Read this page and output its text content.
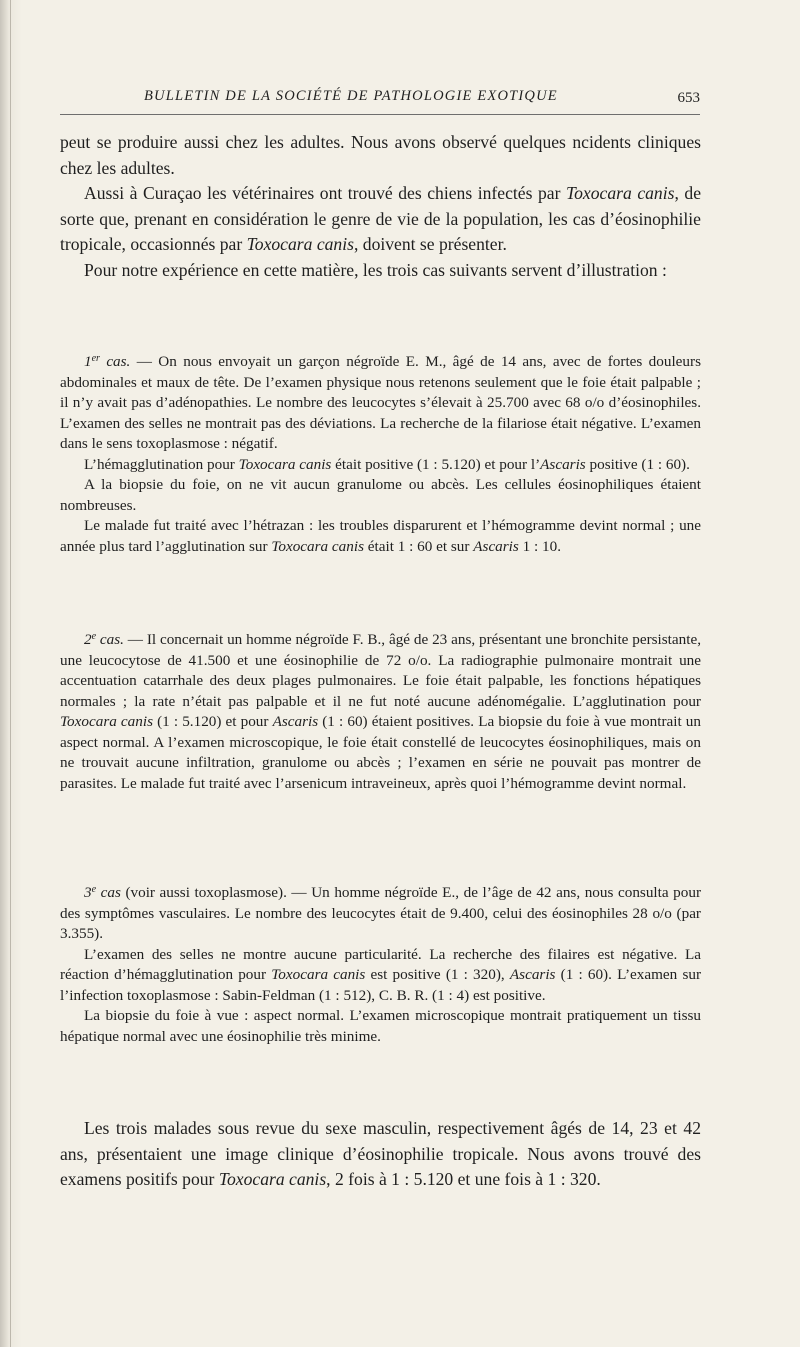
BULLETIN DE LA SOCIÉTÉ DE PATHOLOGIE EXOTIQUE	653

peut se produire aussi chez les adultes. Nous avons observé quelques ncidents cliniques chez les adultes.

Aussi à Curaçao les vétérinaires ont trouvé des chiens infectés par Toxocara canis, de sorte que, prenant en considération le genre de vie de la population, les cas d’éosinophilie tropicale, occasionnés par Toxocara canis, doivent se présenter.

Pour notre expérience en cette matière, les trois cas suivants servent d’illustration :

1er cas. — On nous envoyait un garçon négroïde E. M., âgé de 14 ans, avec de fortes douleurs abdominales et maux de tête. De l’examen physique nous retenons seulement que le foie était palpable ; il n’y avait pas d’adénopathies. Le nombre des leucocytes s’élevait à 25.700 avec 68 o/o d’éosinophiles. L’examen des selles ne montrait pas des déviations. La recherche de la filariose était négative. L’examen dans le sens toxoplasmose : négatif.

L’hémagglutination pour Toxocara canis était positive (1 : 5.120) et pour l’Ascaris positive (1 : 60).

A la biopsie du foie, on ne vit aucun granulome ou abcès. Les cellules éosinophiliques étaient nombreuses.

Le malade fut traité avec l’hétrazan : les troubles disparurent et l’hémogramme devint normal ; une année plus tard l’agglutination sur Toxocara canis était 1 : 60 et sur Ascaris 1 : 10.

2e cas. — Il concernait un homme négroïde F. B., âgé de 23 ans, présentant une bronchite persistante, une leucocytose de 41.500 et une éosinophilie de 72 o/o. La radiographie pulmonaire montrait une accentuation catarrhale des deux plages pulmonaires. Le foie était palpable, les fonctions hépatiques normales ; la rate n’était pas palpable et il ne fut noté aucune adénomégalie. L’agglutination pour Toxocara canis (1 : 5.120) et pour Ascaris (1 : 60) étaient positives. La biopsie du foie à vue montrait un aspect normal. A l’examen microscopique, le foie était constellé de leucocytes éosinophiliques, mais on ne trouvait aucune infiltration, granulome ou abcès ; l’examen en série ne pouvait pas montrer de parasites. Le malade fut traité avec l’arsenicum intraveineux, après quoi l’hémogramme devint normal.

3e cas (voir aussi toxoplasmose). — Un homme négroïde E., de l’âge de 42 ans, nous consulta pour des symptômes vasculaires. Le nombre des leucocytes était de 9.400, celui des éosinophiles 28 o/o (par 3.355).

L’examen des selles ne montre aucune particularité. La recherche des filaires est négative. La réaction d’hémagglutination pour Toxocara canis est positive (1 : 320), Ascaris (1 : 60). L’examen sur l’infection toxoplasmose : Sabin-Feldman (1 : 512), C. B. R. (1 : 4) est positive.

La biopsie du foie à vue : aspect normal. L’examen microscopique montrait pratiquement un tissu hépatique normal avec une éosinophilie très minime.

Les trois malades sous revue du sexe masculin, respectivement âgés de 14, 23 et 42 ans, présentaient une image clinique d’éosinophilie tropicale. Nous avons trouvé des examens positifs pour Toxocara canis, 2 fois à 1 : 5.120 et une fois à 1 : 320.
